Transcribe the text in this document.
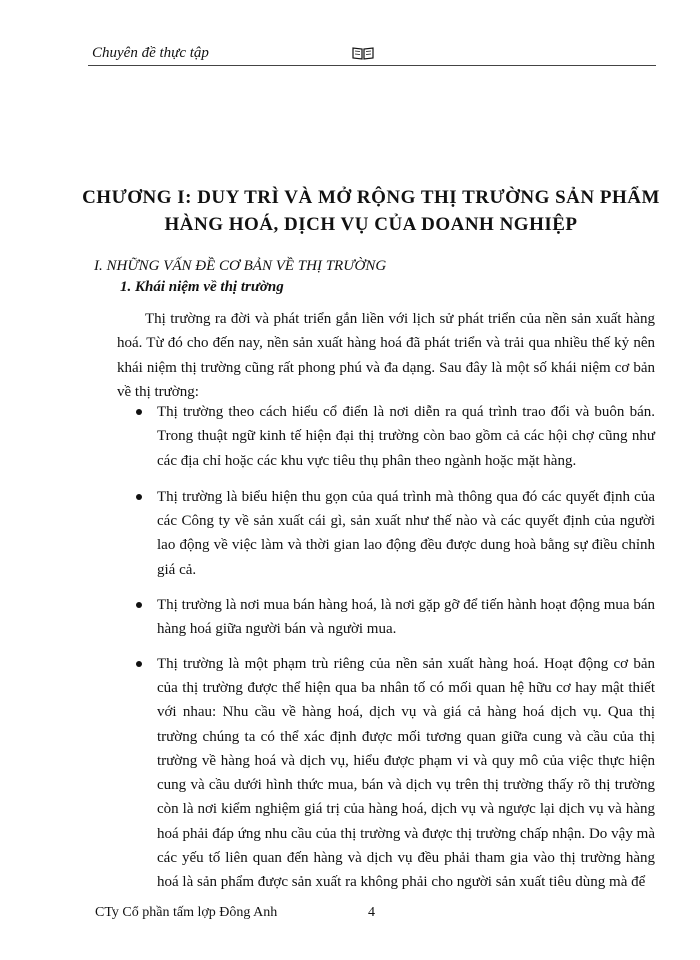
Chuyên đề thực tập
CHƯƠNG I: DUY TRÌ VÀ MỞ RỘNG THỊ TRƯỜNG SẢN PHẨM HÀNG HOÁ, DỊCH VỤ CỦA DOANH NGHIỆP
I. NHỮNG VẤN ĐỀ CƠ BẢN VỀ THỊ TRƯỜNG
1. Khái niệm về thị trường

Thị trường ra đời và phát triển gắn liền với lịch sử phát triển của nền sản xuất hàng hoá. Từ đó cho đến nay, nền sản xuất hàng hoá đã phát triển và trải qua nhiều thế kỷ nên khái niệm thị trường cũng rất phong phú và đa dạng. Sau đây là một số khái niệm cơ bản về thị trường:

Thị trường theo cách hiểu cổ điển là nơi diễn ra quá trình trao đổi và buôn bán. Trong thuật ngữ kinh tế hiện đại thị trường còn bao gồm cả các hội chợ cũng như các địa chỉ hoặc các khu vực tiêu thụ phân theo ngành hoặc mặt hàng.
Thị trường là biểu hiện thu gọn của quá trình mà thông qua đó các quyết định của các Công ty về sản xuất cái gì, sản xuất như thế nào và các quyết định của người lao động về việc làm và thời gian lao động đều được dung hoà bằng sự điều chỉnh giá cả.
Thị trường là nơi mua bán hàng hoá, là nơi gặp gỡ để tiến hành hoạt động mua bán hàng hoá giữa người bán và người mua.
Thị trường là một phạm trù riêng của nền sản xuất hàng hoá. Hoạt động cơ bản của thị trường được thể hiện qua ba nhân tố có mối quan hệ hữu cơ hay mật thiết với nhau: Nhu cầu về hàng hoá, dịch vụ và giá cả hàng hoá dịch vụ. Qua thị trường chúng ta có thể xác định được mối tương quan giữa cung và cầu của thị trường về hàng hoá và dịch vụ, hiểu được phạm vi và quy mô của việc thực hiện cung và cầu dưới hình thức mua, bán và dịch vụ trên thị trường thấy rõ thị trường còn là nơi kiểm nghiệm giá trị của hàng hoá, dịch vụ và ngược lại dịch vụ và hàng hoá phải đáp ứng nhu cầu của thị trường và được thị trường chấp nhận. Do vậy mà các yếu tố liên quan đến hàng và dịch vụ đều phải tham gia vào thị trường hàng hoá là sản phẩm được sản xuất ra không phải cho người sản xuất tiêu dùng mà để
CTy Cổ phần tấm lợp Đông Anh	4
